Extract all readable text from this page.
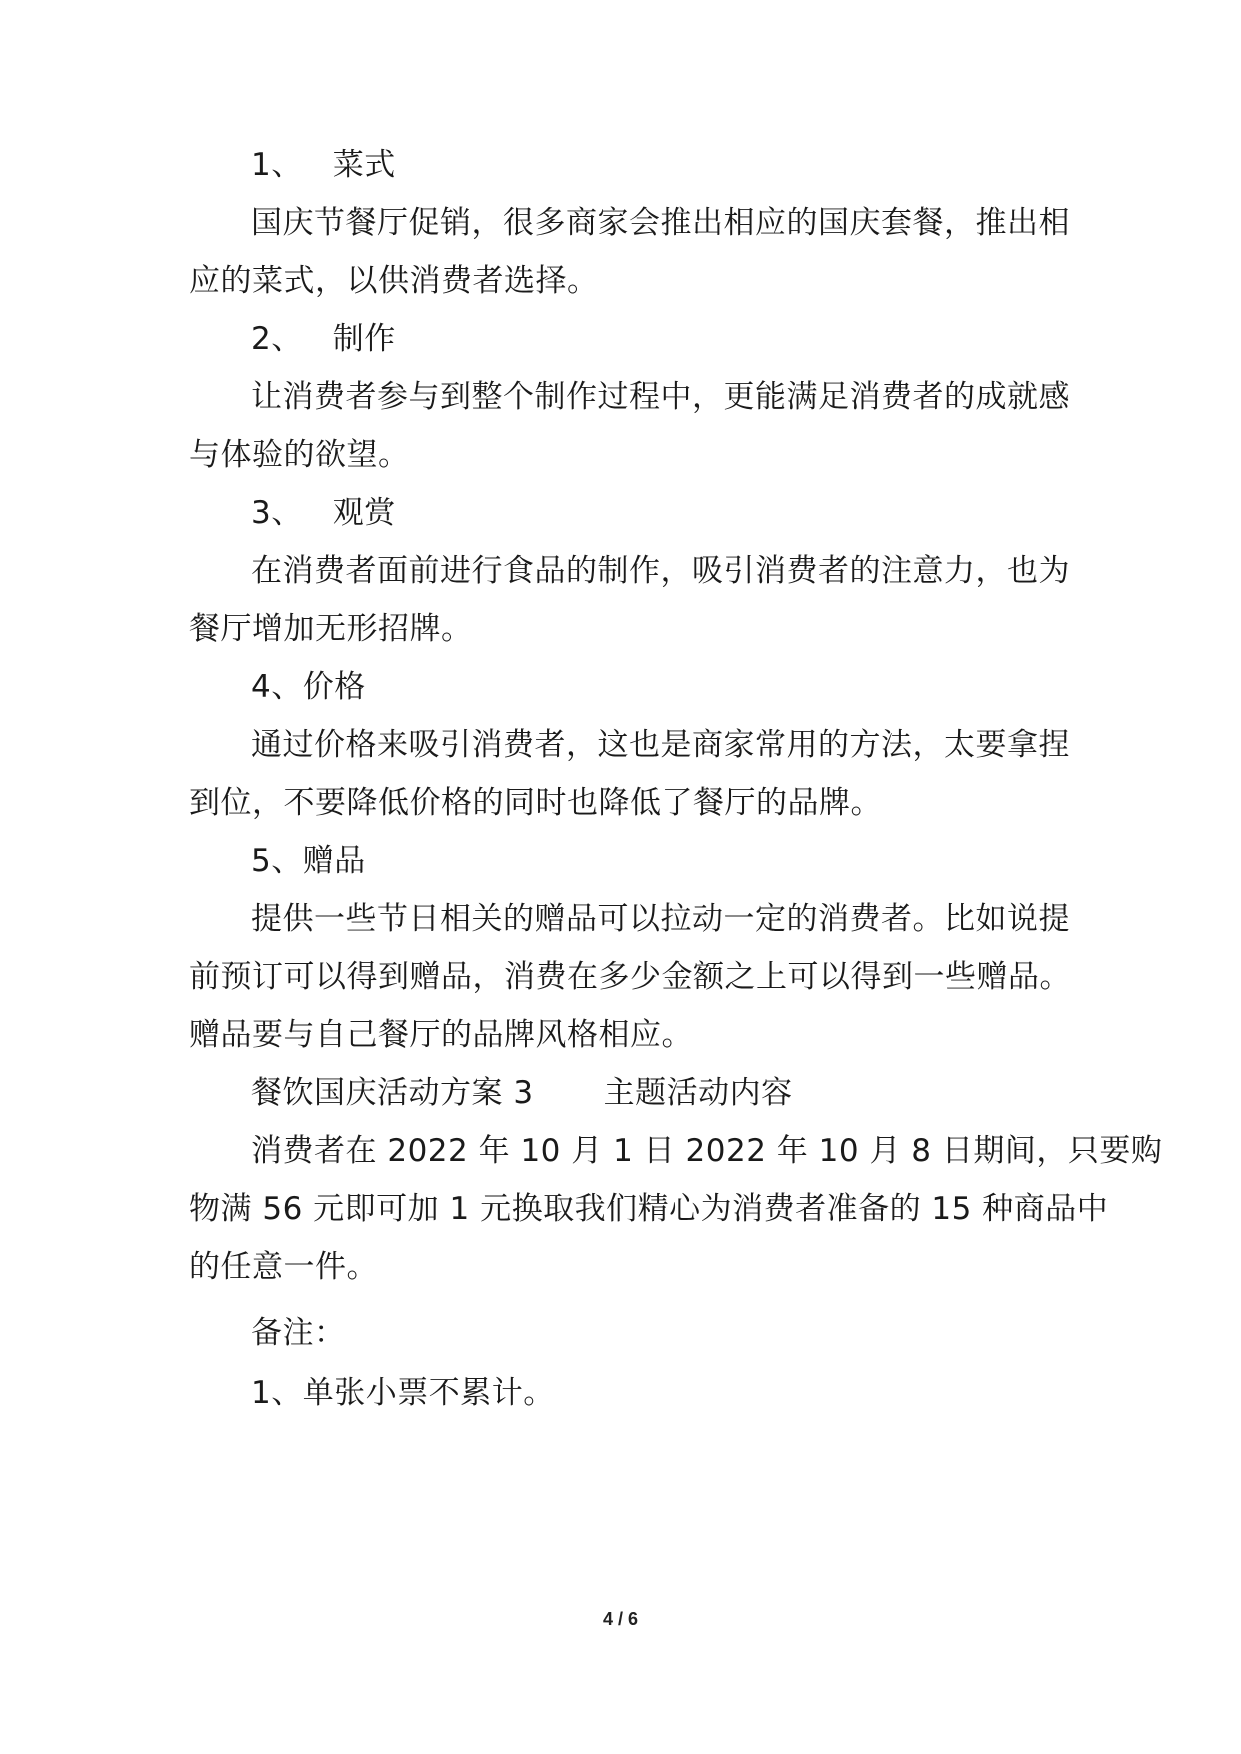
1、 菜式
国庆节餐厅促销，很多商家会推出相应的国庆套餐，推出相
应的菜式，以供消费者选择。
2、 制作
让消费者参与到整个制作过程中，更能满足消费者的成就感
与体验的欲望。
3、 观赏
在消费者面前进行食品的制作，吸引消费者的注意力，也为
餐厅增加无形招牌。
4、价格
通过价格来吸引消费者，这也是商家常用的方法，太要拿捏
到位，不要降低价格的同时也降低了餐厅的品牌。
5、赠品
提供一些节日相关的赠品可以拉动一定的消费者。比如说提
前预订可以得到赠品，消费在多少金额之上可以得到一些赠品。
赠品要与自己餐厅的品牌风格相应。
餐饮国庆活动方案 3 主题活动内容
消费者在 2022 年 10 月 1 日 2022 年 10 月 8 日期间，只要购
物满 56 元即可加 1 元换取我们精心为消费者准备的 15 种商品中
的任意一件。
备注：
1、单张小票不累计。
4 / 6
